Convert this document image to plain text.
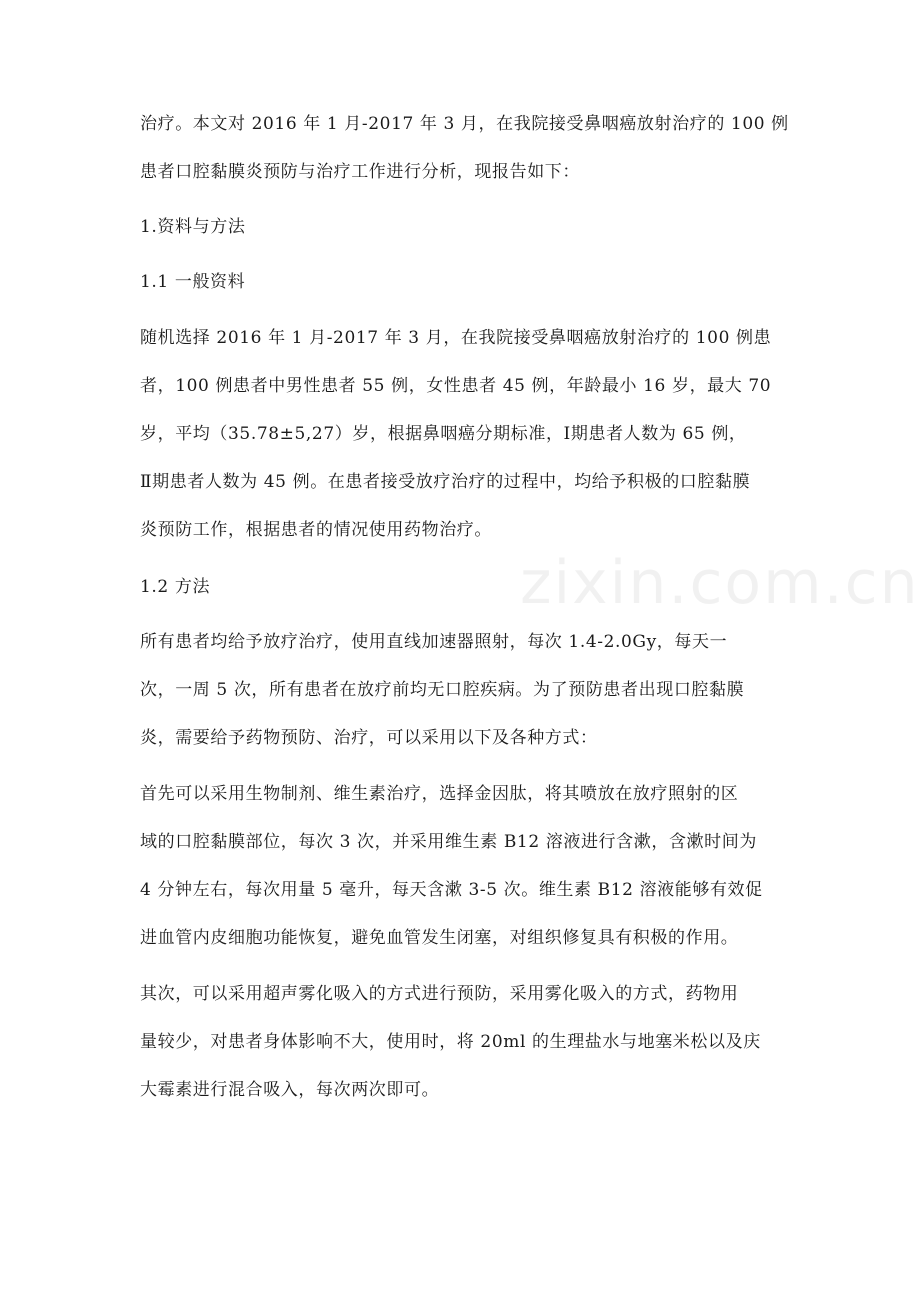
zixin.com.cn
治疗。本文对 2016 年 1 月-2017 年 3 月，在我院接受鼻咽癌放射治疗的 100 例
患者口腔黏膜炎预防与治疗工作进行分析，现报告如下：
1.资料与方法
1.1 一般资料
随机选择 2016 年 1 月-2017 年 3 月，在我院接受鼻咽癌放射治疗的 100 例患
者，100 例患者中男性患者 55 例，女性患者 45 例，年龄最小 16 岁，最大 70
岁，平均（35.78±5,27）岁，根据鼻咽癌分期标准，Ⅰ期患者人数为 65 例，
Ⅱ期患者人数为 45 例。在患者接受放疗治疗的过程中，均给予积极的口腔黏膜
炎预防工作，根据患者的情况使用药物治疗。
1.2 方法
所有患者均给予放疗治疗，使用直线加速器照射，每次 1.4-2.0Gy，每天一
次，一周 5 次，所有患者在放疗前均无口腔疾病。为了预防患者出现口腔黏膜
炎，需要给予药物预防、治疗，可以采用以下及各种方式：
首先可以采用生物制剂、维生素治疗，选择金因肽，将其喷放在放疗照射的区
域的口腔黏膜部位，每次 3 次，并采用维生素 B12 溶液进行含漱，含漱时间为
4 分钟左右，每次用量 5 毫升，每天含漱 3-5 次。维生素 B12 溶液能够有效促
进血管内皮细胞功能恢复，避免血管发生闭塞，对组织修复具有积极的作用。
其次，可以采用超声雾化吸入的方式进行预防，采用雾化吸入的方式，药物用
量较少，对患者身体影响不大，使用时，将 20ml 的生理盐水与地塞米松以及庆
大霉素进行混合吸入，每次两次即可。
